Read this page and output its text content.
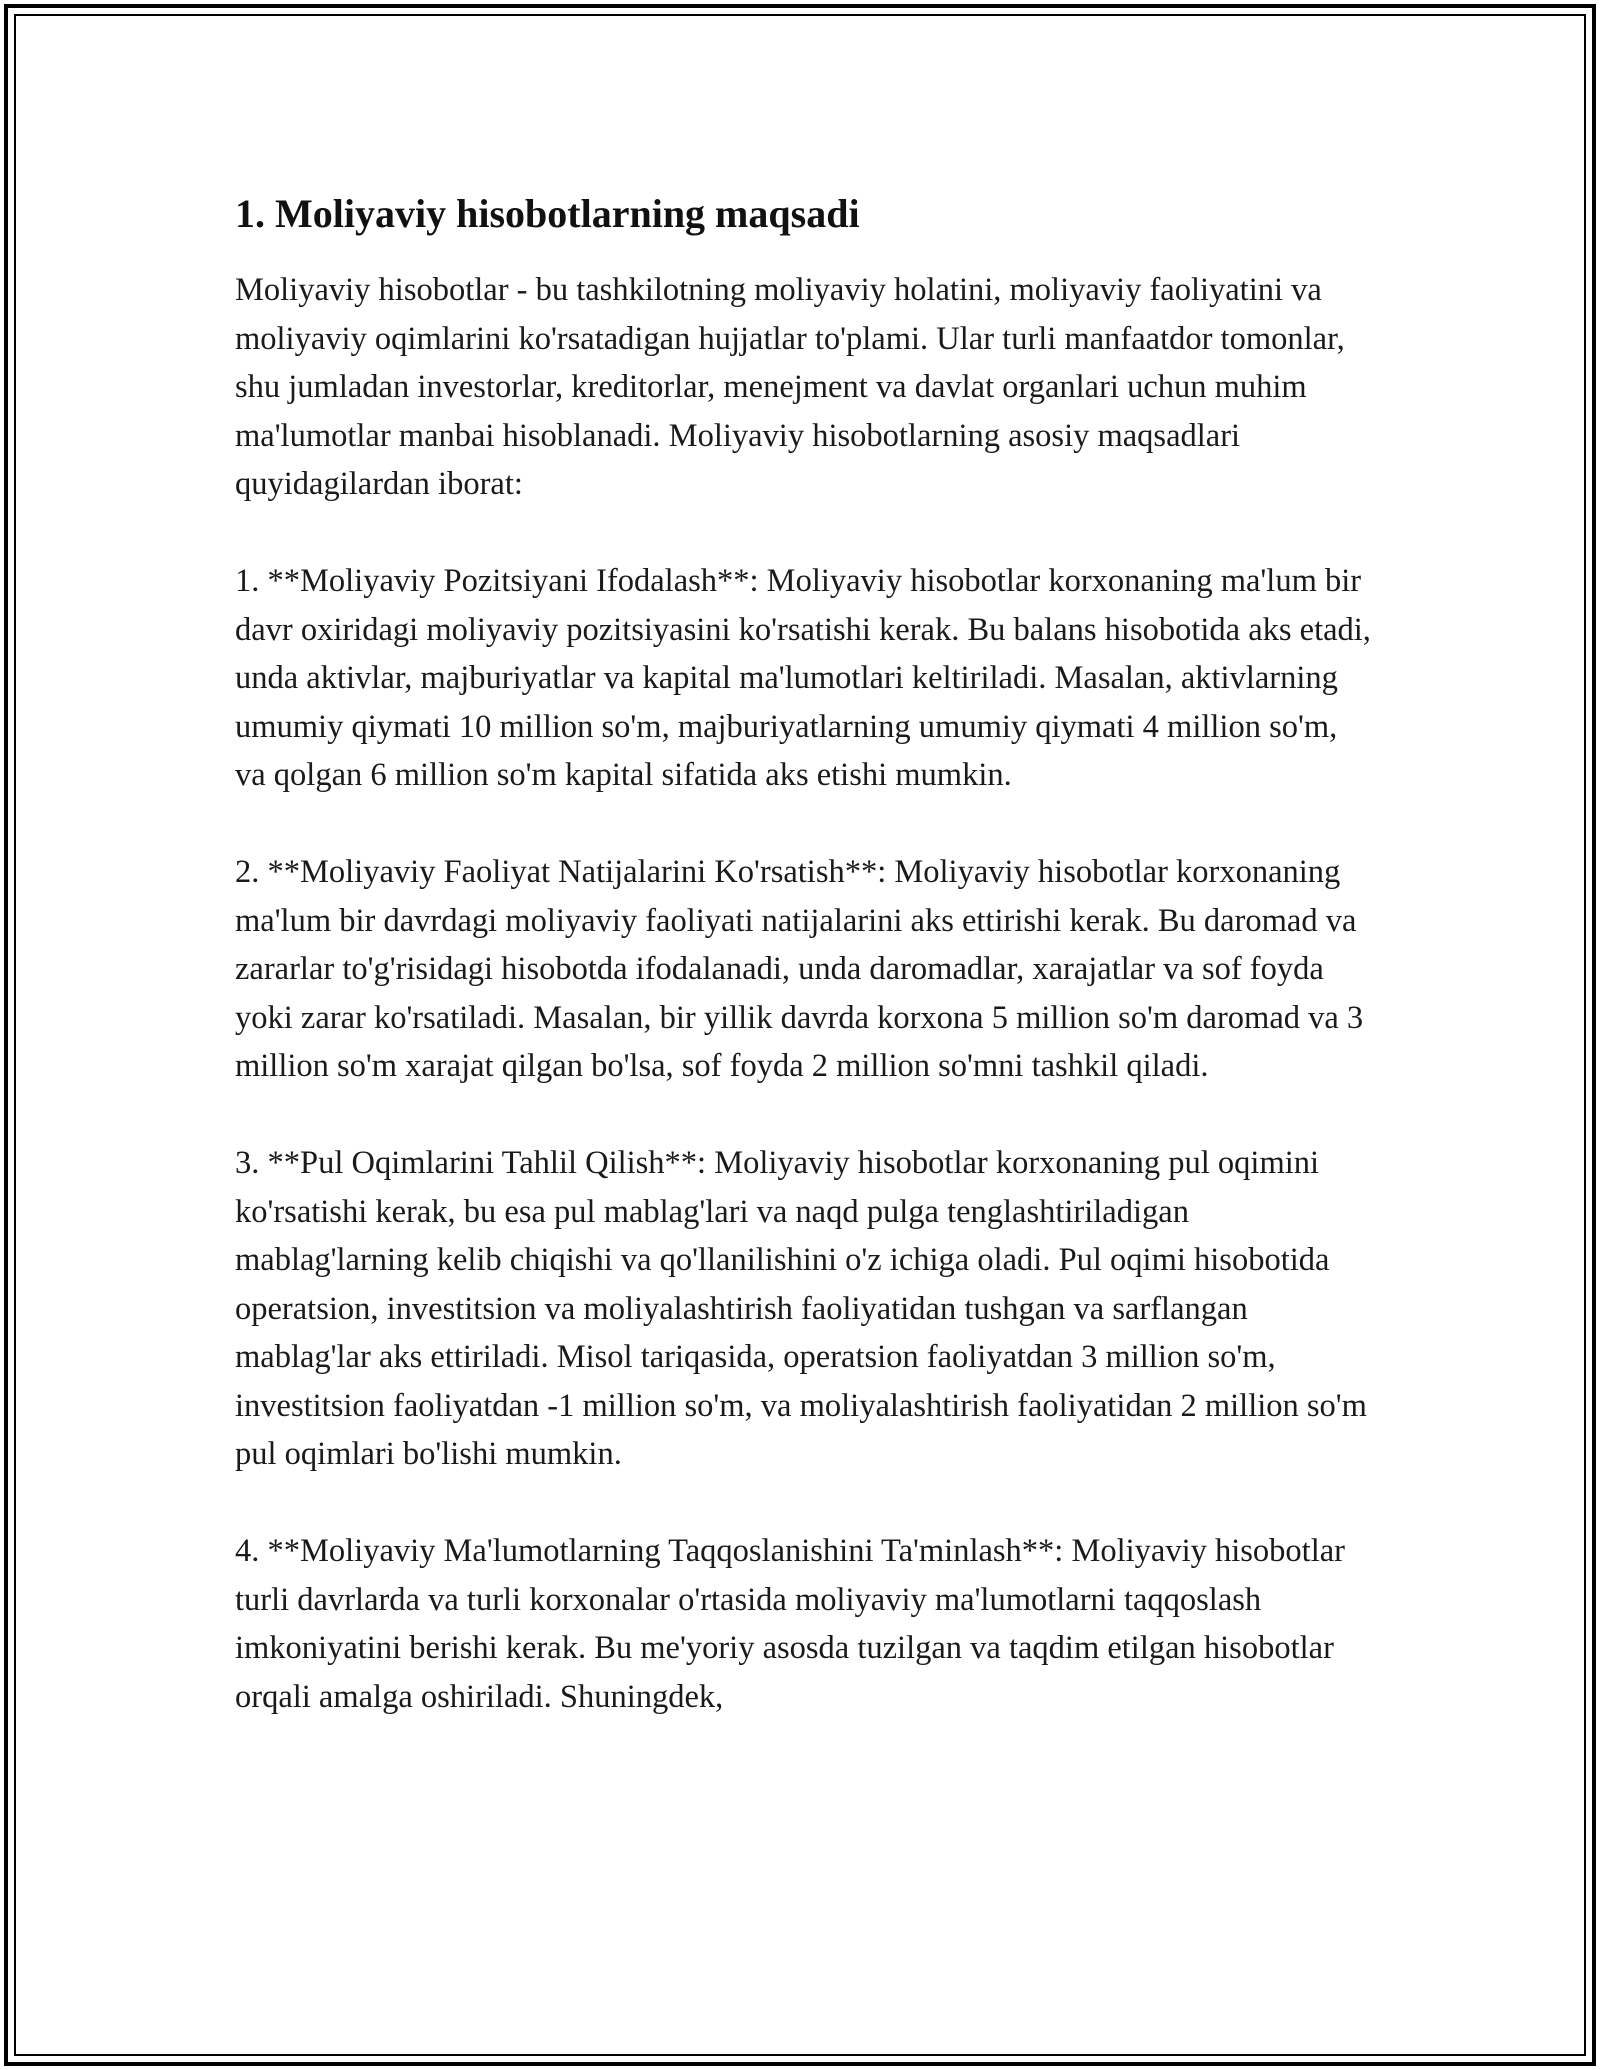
1. Moliyaviy hisobotlarning maqsadi

Moliyaviy hisobotlar - bu tashkilotning moliyaviy holatini, moliyaviy faoliyatini va moliyaviy oqimlarini ko'rsatadigan hujjatlar to'plami. Ular turli manfaatdor tomonlar, shu jumladan investorlar, kreditorlar, menejment va davlat organlari uchun muhim ma'lumotlar manbai hisoblanadi. Moliyaviy hisobotlarning asosiy maqsadlari quyidagilardan iborat:

1. **Moliyaviy Pozitsiyani Ifodalash**: Moliyaviy hisobotlar korxonaning ma'lum bir davr oxiridagi moliyaviy pozitsiyasini ko'rsatishi kerak. Bu balans hisobotida aks etadi, unda aktivlar, majburiyatlar va kapital ma'lumotlari keltiriladi. Masalan, aktivlarning umumiy qiymati 10 million so'm, majburiyatlarning umumiy qiymati 4 million so'm, va qolgan 6 million so'm kapital sifatida aks etishi mumkin.

2. **Moliyaviy Faoliyat Natijalarini Ko'rsatish**: Moliyaviy hisobotlar korxonaning ma'lum bir davrdagi moliyaviy faoliyati natijalarini aks ettirishi kerak. Bu daromad va zararlar to'g'risidagi hisobotda ifodalanadi, unda daromadlar, xarajatlar va sof foyda yoki zarar ko'rsatiladi. Masalan, bir yillik davrda korxona 5 million so'm daromad va 3 million so'm xarajat qilgan bo'lsa, sof foyda 2 million so'mni tashkil qiladi.

3. **Pul Oqimlarini Tahlil Qilish**: Moliyaviy hisobotlar korxonaning pul oqimini ko'rsatishi kerak, bu esa pul mablag'lari va naqd pulga tenglashtiriladigan mablag'larning kelib chiqishi va qo'llanilishini o'z ichiga oladi. Pul oqimi hisobotida operatsion, investitsion va moliyalashtirish faoliyatidan tushgan va sarflangan mablag'lar aks ettiriladi. Misol tariqasida, operatsion faoliyatdan 3 million so'm, investitsion faoliyatdan -1 million so'm, va moliyalashtirish faoliyatidan 2 million so'm pul oqimlari bo'lishi mumkin.

4. **Moliyaviy Ma'lumotlarning Taqqoslanishini Ta'minlash**: Moliyaviy hisobotlar turli davrlarda va turli korxonalar o'rtasida moliyaviy ma'lumotlarni taqqoslash imkoniyatini berishi kerak. Bu me'yoriy asosda tuzilgan va taqdim etilgan hisobotlar orqali amalga oshiriladi. Shuningdek,
